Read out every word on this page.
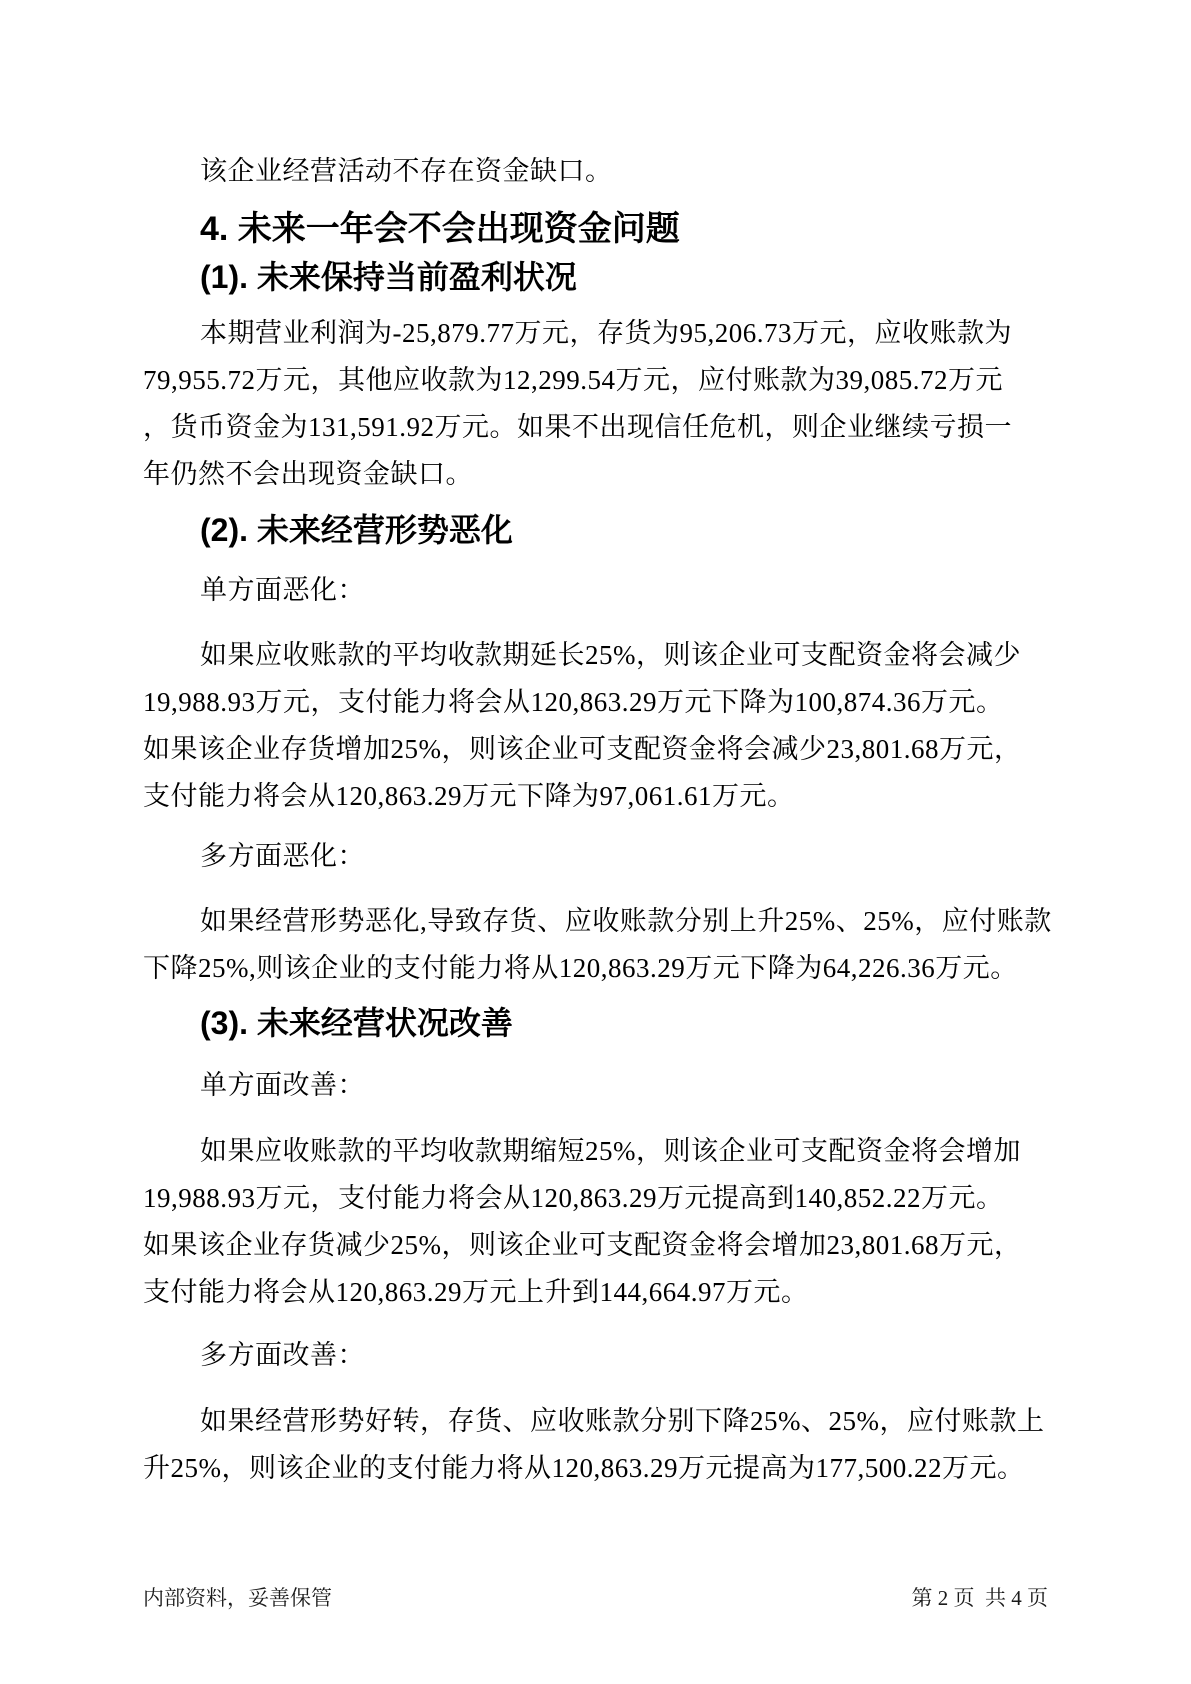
该企业经营活动不存在资金缺口。
4. 未来一年会不会出现资金问题
(1). 未来保持当前盈利状况
本期营业利润为-25,879.77万元，存货为95,206.73万元，应收账款为
79,955.72万元，其他应收款为12,299.54万元，应付账款为39,085.72万元
，货币资金为131,591.92万元。如果不出现信任危机，则企业继续亏损一
年仍然不会出现资金缺口。
(2). 未来经营形势恶化
单方面恶化：
如果应收账款的平均收款期延长25%，则该企业可支配资金将会减少
19,988.93万元，支付能力将会从120,863.29万元下降为100,874.36万元。
如果该企业存货增加25%，则该企业可支配资金将会减少23,801.68万元，
支付能力将会从120,863.29万元下降为97,061.61万元。
多方面恶化：
如果经营形势恶化,导致存货、应收账款分别上升25%、25%，应付账款
下降25%,则该企业的支付能力将从120,863.29万元下降为64,226.36万元。
(3). 未来经营状况改善
单方面改善：
如果应收账款的平均收款期缩短25%，则该企业可支配资金将会增加
19,988.93万元，支付能力将会从120,863.29万元提高到140,852.22万元。
如果该企业存货减少25%，则该企业可支配资金将会增加23,801.68万元，
支付能力将会从120,863.29万元上升到144,664.97万元。
多方面改善：
如果经营形势好转，存货、应收账款分别下降25%、25%，应付账款上
升25%，则该企业的支付能力将从120,863.29万元提高为177,500.22万元。
内部资料，妥善保管	第 2 页  共 4 页
